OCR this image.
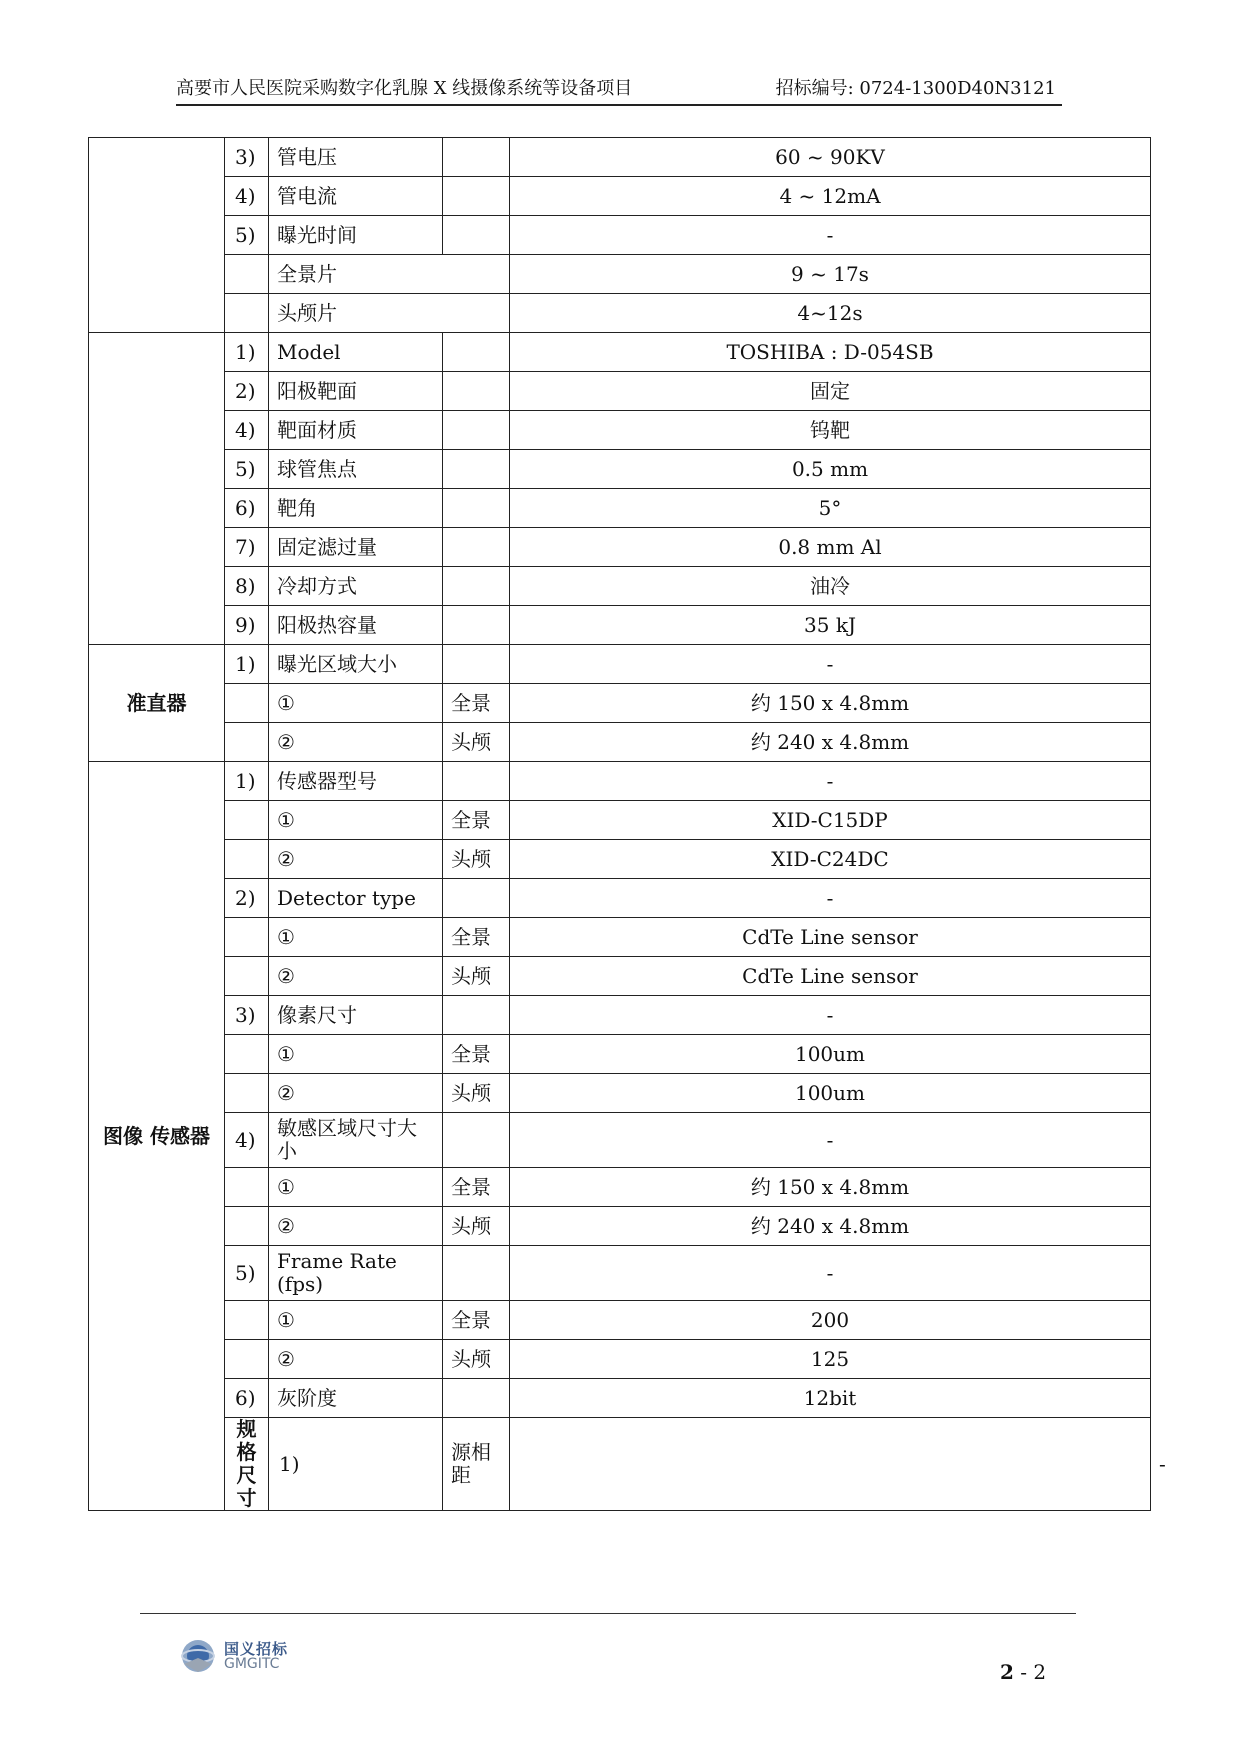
高要市人民医院采购数字化乳腺 X 线摄像系统等设备项目	招标编号: 0724-1300D40N3121
	3)	管电压		60 ~ 90KV	
	4)	管电流		4 ~ 12mA	
	5)	曝光时间		-	
		全景片		9 ~ 17s	
		头颅片		4~12s	
	1)	Model		TOSHIBA : D-054SB	
	2)	阳极靶面		固定	
	4)	靶面材质		钨靶	
	5)	球管焦点		0.5 mm	
	6)	靶角		5°	
	7)	固定滤过量		0.8 mm Al	
	8)	冷却方式		油冷	
	9)	阳极热容量		35 kJ	
准直器	1)	曝光区域大小		-	
		①	全景	约 150 x 4.8mm	
		②	头颅	约 240 x 4.8mm	
图像 传感器	1)	传感器型号		-	
		①	全景	XID-C15DP	
		②	头颅	XID-C24DC	
	2)	Detector type		-	
		①	全景	CdTe Line sensor	
		②	头颅	CdTe Line sensor	
	3)	像素尺寸		-	
		①	全景	100um	
		②	头颅	100um	
	4)	敏感区域尺寸大小		-	
		①	全景	约 150 x 4.8mm	
		②	头颅	约 240 x 4.8mm	
	5)	Frame Rate (fps)		-	
		①	全景	200	
		②	头颅	125	
	6)	灰阶度		12bit	
	规格尺寸	1)	源相距		-
国义招标
GMGITC	2 - 2
